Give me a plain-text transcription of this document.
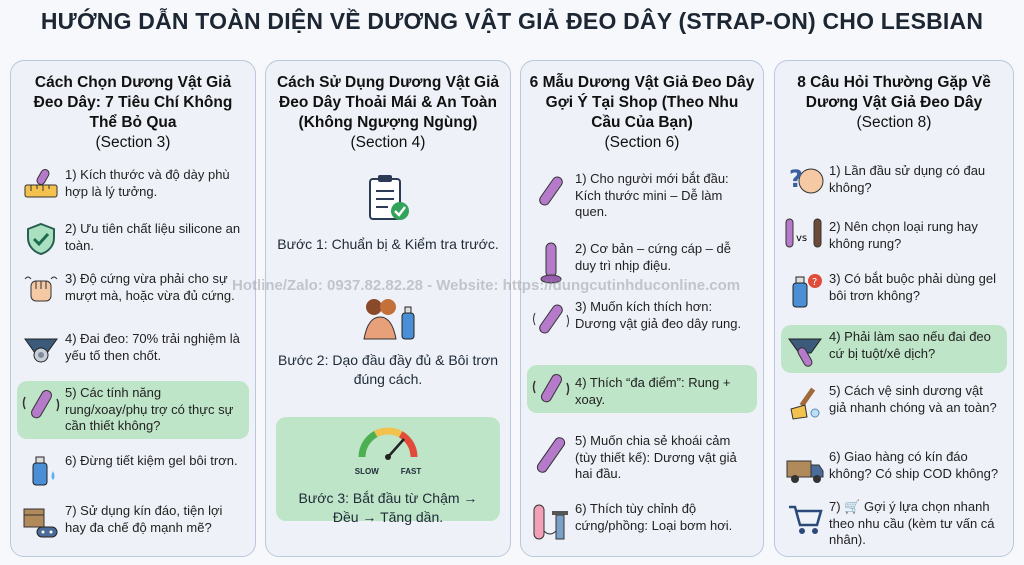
HƯỚNG DẪN TOÀN DIỆN VỀ DƯƠNG VẬT GIẢ ĐEO DÂY (STRAP-ON) CHO LESBIAN
Cách Chọn Dương Vật Giả Đeo Dây: 7 Tiêu Chí Không Thể Bỏ Qua
(Section 3)
1) Kích thước và độ dày phù hợp là lý tưởng.
2) Ưu tiên chất liệu silicone an toàn.
3) Độ cứng vừa phải cho sự mượt mà, hoặc vừa đủ cứng.
4) Đai đeo: 70% trải nghiệm là yếu tố then chốt.
5) Các tính năng rung/xoay/phụ trợ có thực sự cần thiết không?
6) Đừng tiết kiệm gel bôi trơn.
7) Sử dụng kín đáo, tiện lợi hay đa chế độ mạnh mẽ?
Cách Sử Dụng Dương Vật Giả Đeo Dây Thoải Mái & An Toàn (Không Ngượng Ngùng)
(Section 4)
Bước 1: Chuẩn bị & Kiểm tra trước.
Bước 2: Dạo đầu đầy đủ & Bôi trơn đúng cách.
SLOW	FAST
Bước 3: Bắt đầu từ Chậm → Đều → Tăng dần.
6 Mẫu Dương Vật Giả Đeo Dây Gợi Ý Tại Shop (Theo Nhu Cầu Của Bạn)
(Section 6)
1) Cho người mới bắt đầu: Kích thước mini – Dễ làm quen.
2) Cơ bản – cứng cáp – dễ duy trì nhịp điệu.
3) Muốn kích thích hơn: Dương vật giả đeo dây rung.
4) Thích “đa điểm”: Rung + xoay.
5) Muốn chia sẻ khoái cảm (tùy thiết kế): Dương vật giả hai đầu.
6) Thích tùy chỉnh độ cứng/phồng: Loại bơm hơi.
8 Câu Hỏi Thường Gặp Về Dương Vật Giả Đeo Dây
(Section 8)
? 1) Lần đầu sử dụng có đau không?
vs
2) Nên chọn loại rung hay không rung?
? 3) Có bắt buộc phải dùng gel bôi trơn không?
4) Phải làm sao nếu đai đeo cứ bị tuột/xê dịch?
5) Cách vệ sinh dương vật giả nhanh chóng và an toàn?
6) Giao hàng có kín đáo không? Có ship COD không?
7) 🛒 Gợi ý lựa chọn nhanh theo nhu cầu (kèm tư vấn cá nhân).
Hotline/Zalo: 0937.82.82.28 - Website: https://dungcutinhduconline.com
